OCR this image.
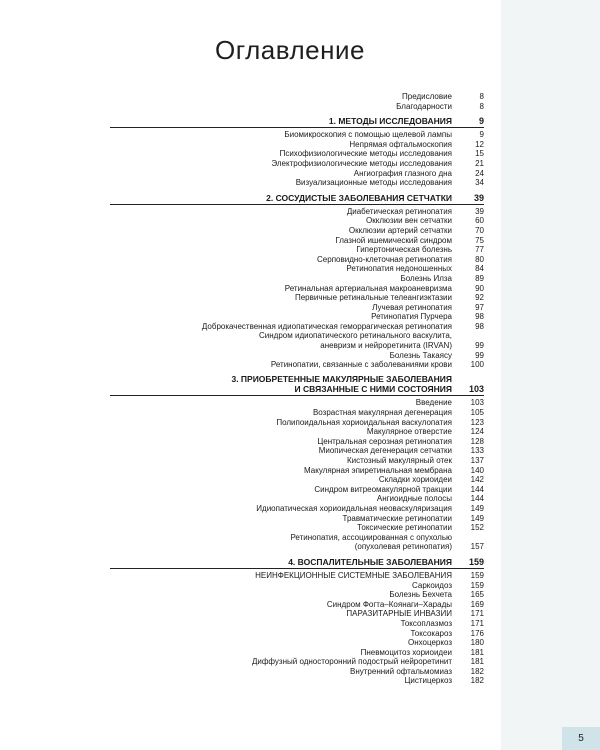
Оглавление
Предисловие	8
Благодарности	8
1. МЕТОДЫ ИССЛЕДОВАНИЯ	9
Биомикроскопия с помощью щелевой лампы	9
Непрямая офтальмоскопия	12
Психофизиологические методы исследования	15
Электрофизиологические методы исследования	21
Ангиография глазного дна	24
Визуализационные методы исследования	34
2. СОСУДИСТЫЕ ЗАБОЛЕВАНИЯ СЕТЧАТКИ	39
Диабетическая ретинопатия	39
Окклюзии вен сетчатки	60
Окклюзии артерий сетчатки	70
Глазной ишемический синдром	75
Гипертоническая болезнь	77
Серповидно-клеточная ретинопатия	80
Ретинопатия недоношенных	84
Болезнь Илза	89
Ретинальная артериальная макроаневризма	90
Первичные ретинальные телеангиэктазии	92
Лучевая ретинопатия	97
Ретинопатия Пурчера	98
Доброкачественная идиопатическая геморрагическая ретинопатия	98
Синдром идиопатического ретинального васкулита,
аневризм и нейроретинита (IRVAN)	99
Болезнь Такаясу	99
Ретинопатии, связанные с заболеваниями крови	100
3. ПРИОБРЕТЕННЫЕ МАКУЛЯРНЫЕ ЗАБОЛЕВАНИЯ
И СВЯЗАННЫЕ С НИМИ СОСТОЯНИЯ	103
Введение	103
Возрастная макулярная дегенерация	105
Полипоидальная хориоидальная васкулопатия	123
Макулярное отверстие	124
Центральная серозная ретинопатия	128
Миопическая дегенерация сетчатки	133
Кистозный макулярный отек	137
Макулярная эпиретинальная мембрана	140
Складки хориоидеи	142
Синдром витреомакулярной тракции	144
Ангиоидные полосы	144
Идиопатическая хориоидальная неоваскуляризация	149
Травматические ретинопатии	149
Токсические ретинопатии	152
Ретинопатия, ассоциированная с опухолью
(опухолевая ретинопатия)	157
4. ВОСПАЛИТЕЛЬНЫЕ ЗАБОЛЕВАНИЯ	159
НЕИНФЕКЦИОННЫЕ СИСТЕМНЫЕ ЗАБОЛЕВАНИЯ	159
Саркоидоз	159
Болезнь Бехчета	165
Синдром Фогта–Коянаги–Харады	169
ПАРАЗИТАРНЫЕ ИНВАЗИИ	171
Токсоплазмоз	171
Токсокароз	176
Онхоцеркоз	180
Пневмоцитоз хориоидеи	181
Диффузный односторонний подострый нейроретинит	181
Внутренний офтальмомиаз	182
Цистицеркоз	182
5
